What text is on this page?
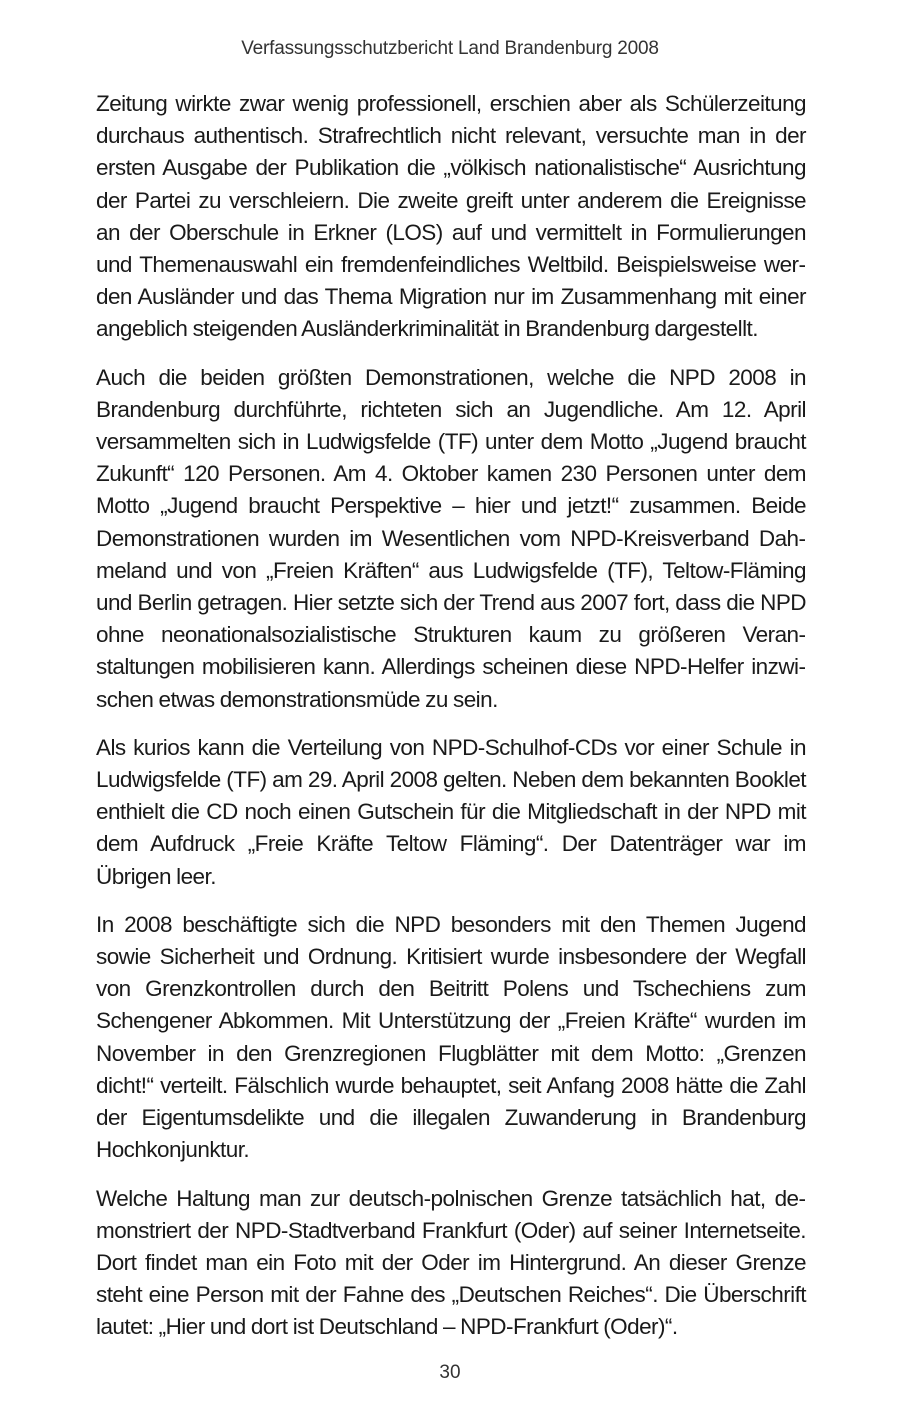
Verfassungsschutzbericht Land Brandenburg 2008

Zeitung wirkte zwar wenig professionell, erschien aber als Schülerzeitung durchaus authentisch. Strafrechtlich nicht relevant, versuchte man in der ersten Ausgabe der Publikation die „völkisch nationalistische“ Ausrichtung der Partei zu verschleiern. Die zweite greift unter anderem die Ereignisse an der Oberschule in Erkner (LOS) auf und vermittelt in Formulierungen und Themenauswahl ein fremdenfeindliches Weltbild. Beispielsweise werden Ausländer und das Thema Migration nur im Zusammenhang mit einer angeblich steigenden Ausländerkriminalität in Brandenburg dargestellt.

Auch die beiden größten Demonstrationen, welche die NPD 2008 in Brandenburg durchführte, richteten sich an Jugendliche. Am 12. April versammelten sich in Ludwigsfelde (TF) unter dem Motto „Jugend braucht Zukunft“ 120 Personen. Am 4. Oktober kamen 230 Personen unter dem Motto „Jugend braucht Perspektive – hier und jetzt!“ zusammen. Beide Demonstrationen wurden im Wesentlichen vom NPD-Kreisverband Dahmeland und von „Freien Kräften“ aus Ludwigsfelde (TF), Teltow-Fläming und Berlin getragen. Hier setzte sich der Trend aus 2007 fort, dass die NPD ohne neonationalsozialistische Strukturen kaum zu größeren Veranstaltungen mobilisieren kann. Allerdings scheinen diese NPD-Helfer inzwischen etwas demonstrationsmüde zu sein.

Als kurios kann die Verteilung von NPD-Schulhof-CDs vor einer Schule in Ludwigsfelde (TF) am 29. April 2008 gelten. Neben dem bekannten Booklet enthielt die CD noch einen Gutschein für die Mitgliedschaft in der NPD mit dem Aufdruck „Freie Kräfte Teltow Fläming“. Der Datenträger war im Übrigen leer.

In 2008 beschäftigte sich die NPD besonders mit den Themen Jugend sowie Sicherheit und Ordnung. Kritisiert wurde insbesondere der Wegfall von Grenzkontrollen durch den Beitritt Polens und Tschechiens zum Schengener Abkommen. Mit Unterstützung der „Freien Kräfte“ wurden im November in den Grenzregionen Flugblätter mit dem Motto: „Grenzen dicht!“ verteilt. Fälschlich wurde behauptet, seit Anfang 2008 hätte die Zahl der Eigentumsdelikte und die illegalen Zuwanderung in Brandenburg Hochkonjunktur.

Welche Haltung man zur deutsch-polnischen Grenze tatsächlich hat, demonstriert der NPD-Stadtverband Frankfurt (Oder) auf seiner Internetseite. Dort findet man ein Foto mit der Oder im Hintergrund. An dieser Grenze steht eine Person mit der Fahne des „Deutschen Reiches“. Die Überschrift lautet: „Hier und dort ist Deutschland – NPD-Frankfurt (Oder)“.

30
